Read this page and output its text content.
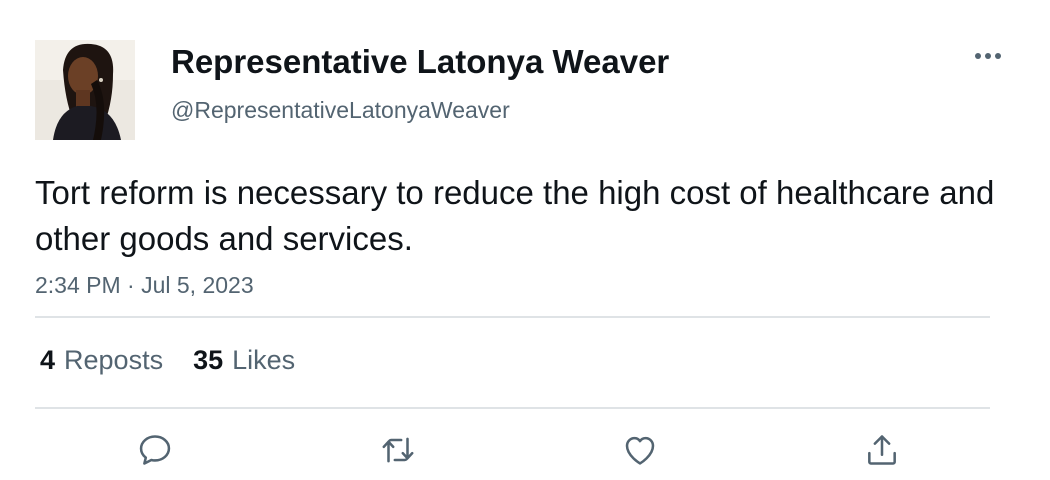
Representative Latonya Weaver
@RepresentativeLatonyaWeaver
Tort reform is necessary to reduce the high cost of healthcare and other goods and services.
2:34 PM · Jul 5, 2023
4 Reposts 35 Likes
